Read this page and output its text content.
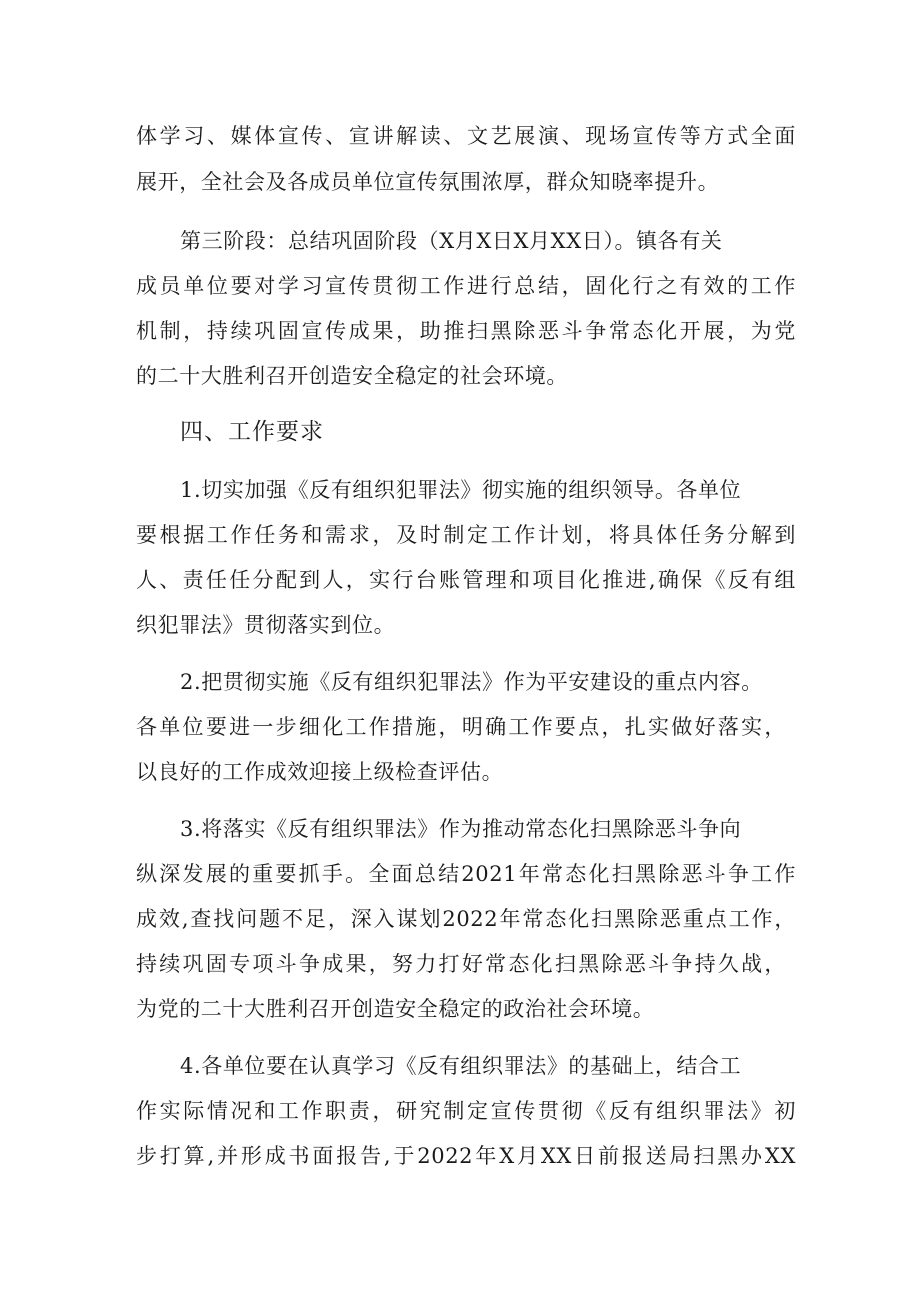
体学习、媒体宣传、宣讲解读、文艺展演、现场宣传等方式全面
展开，全社会及各成员单位宣传氛围浓厚，群众知晓率提升。
第三阶段：总结巩固阶段（X月X日X月XX日）。镇各有关
成员单位要对学习宣传贯彻工作进行总结，固化行之有效的工作
机制，持续巩固宣传成果，助推扫黑除恶斗争常态化开展，为党
的二十大胜利召开创造安全稳定的社会环境。
四、工作要求
1.切实加强《反有组织犯罪法》彻实施的组织领导。各单位
要根据工作任务和需求，及时制定工作计划，将具体任务分解到
人、责任任分配到人，实行台账管理和项目化推进,确保《反有组
织犯罪法》贯彻落实到位。
2.把贯彻实施《反有组织犯罪法》作为平安建设的重点内容。
各单位要进一步细化工作措施，明确工作要点，扎实做好落实，
以良好的工作成效迎接上级检查评估。
3.将落实《反有组织罪法》作为推动常态化扫黑除恶斗争向
纵深发展的重要抓手。全面总结2021年常态化扫黑除恶斗争工作
成效,查找问题不足，深入谋划2022年常态化扫黑除恶重点工作，
持续巩固专项斗争成果，努力打好常态化扫黑除恶斗争持久战，
为党的二十大胜利召开创造安全稳定的政治社会环境。
4.各单位要在认真学习《反有组织罪法》的基础上，结合工
作实际情况和工作职责，研究制定宣传贯彻《反有组织罪法》初
步打算,并形成书面报告,于2022年X月XX日前报送局扫黑办XX
